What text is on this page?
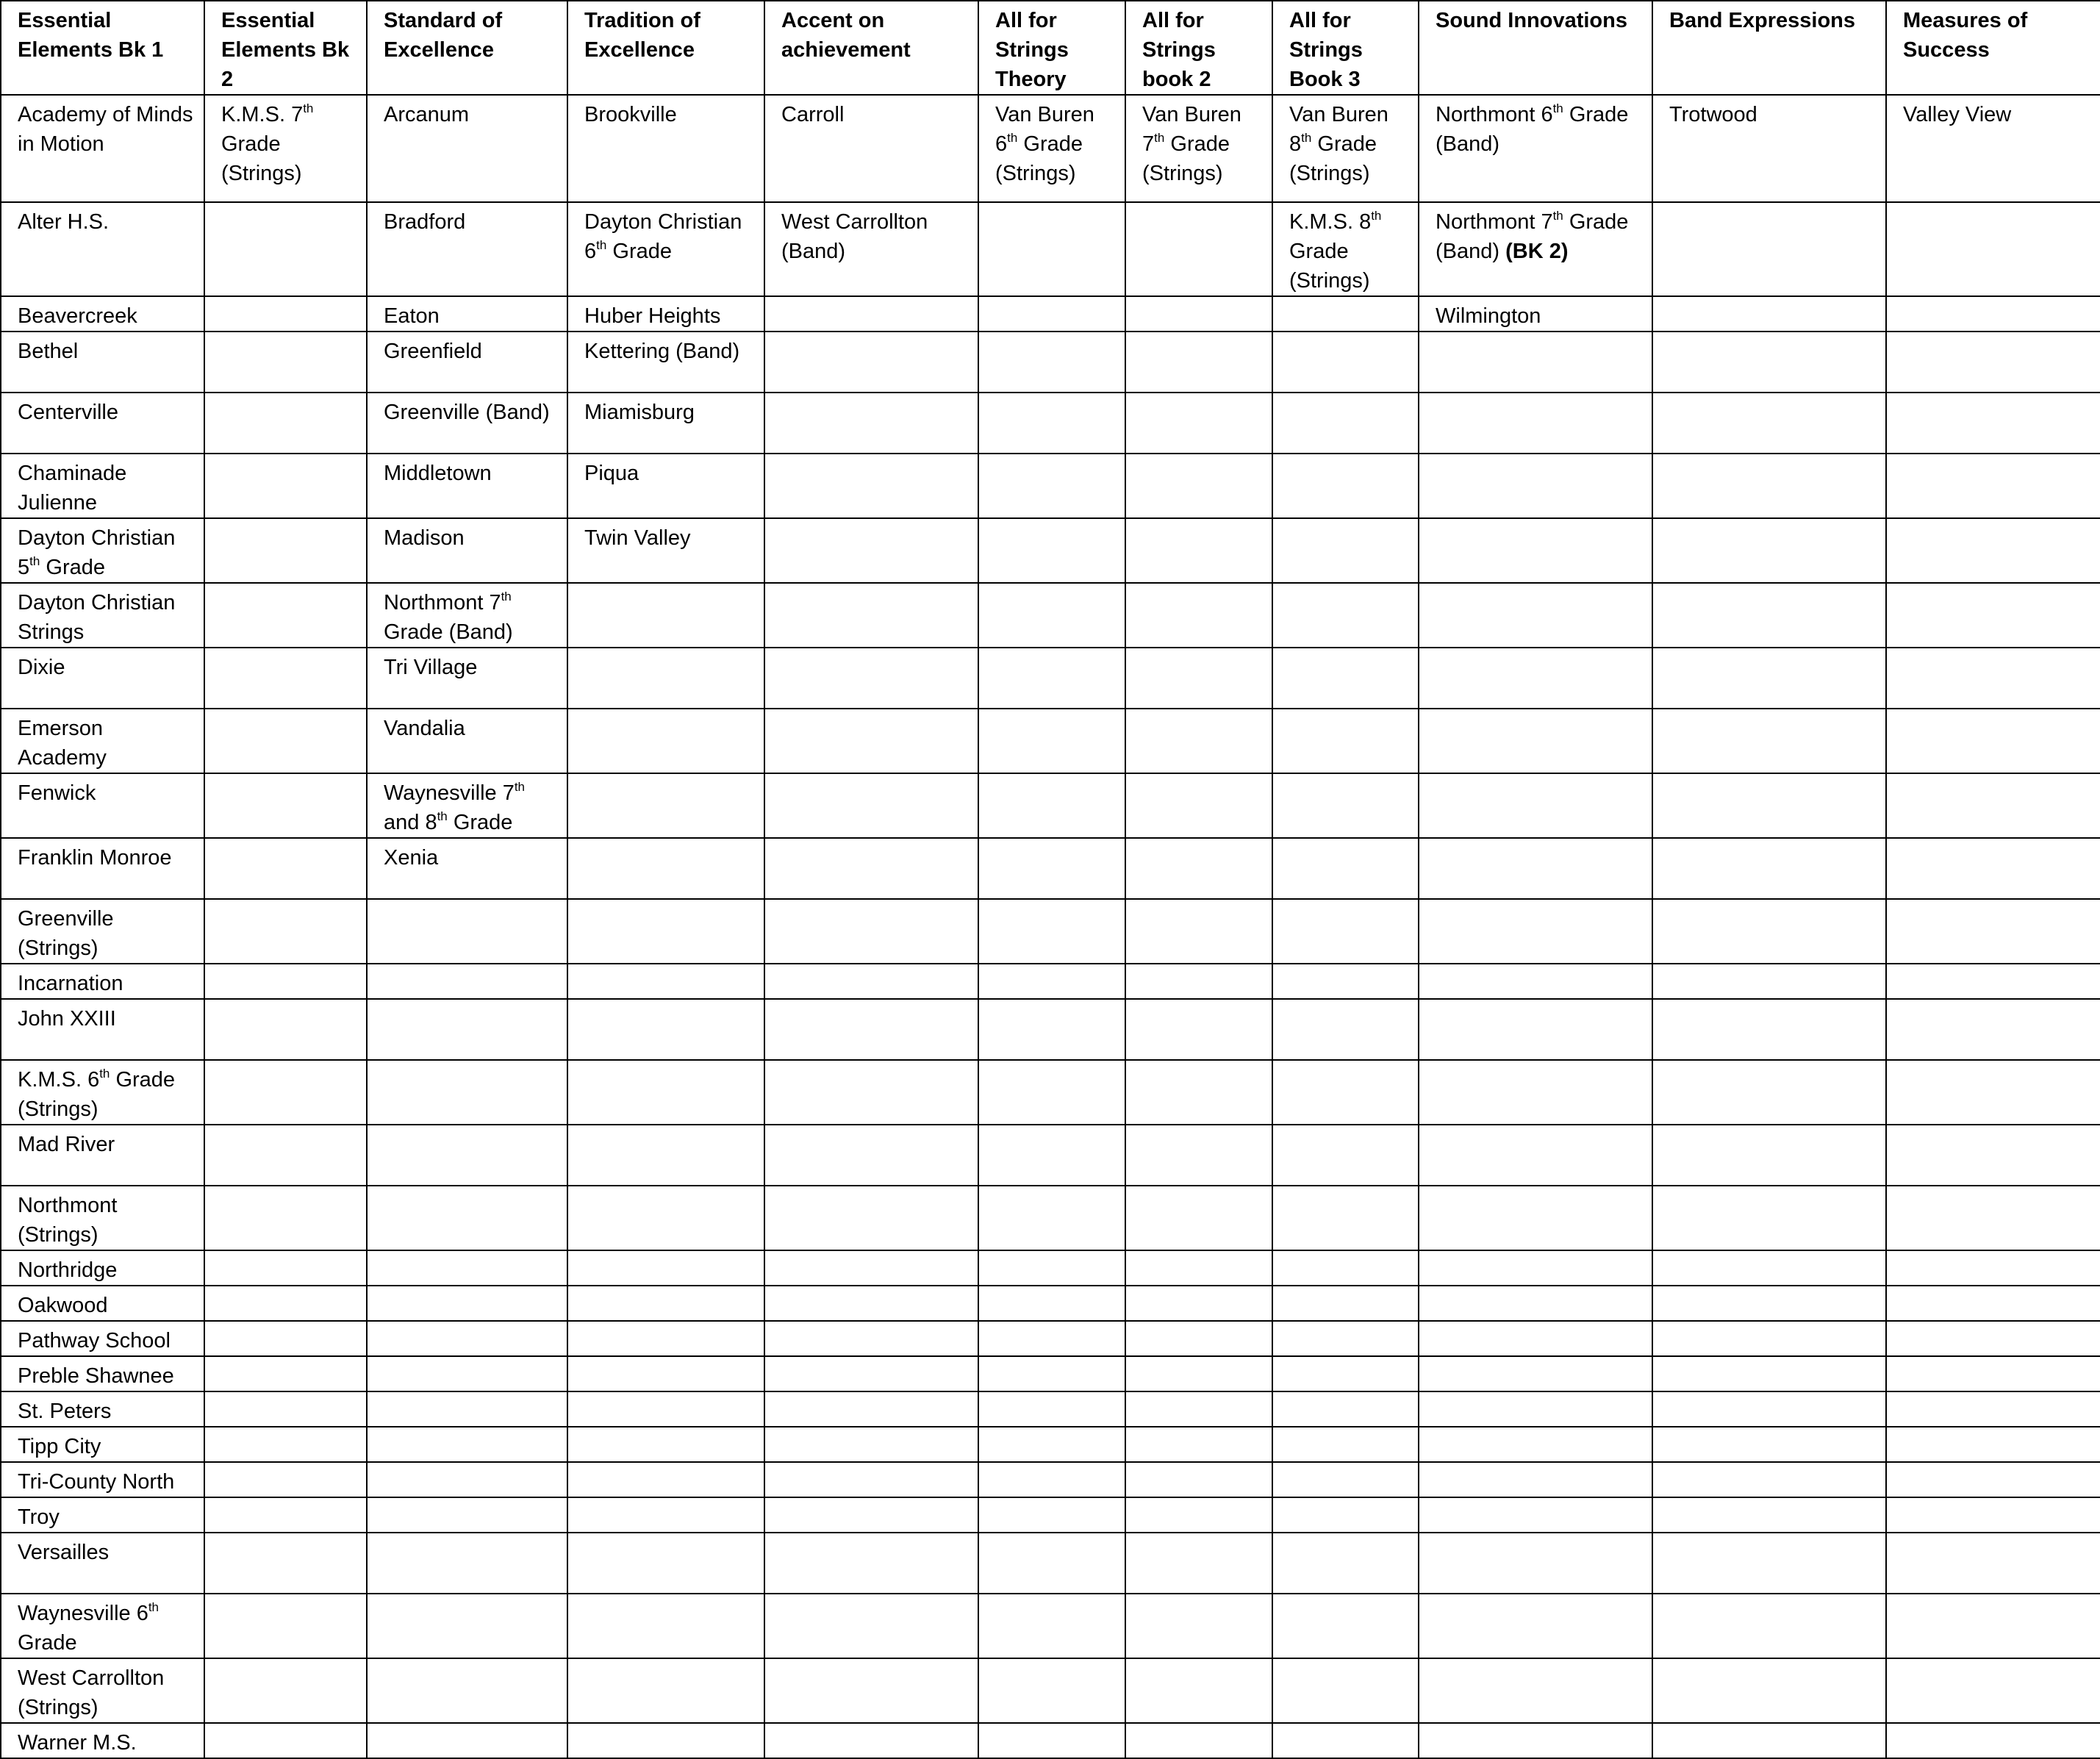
Essential Elements Bk 1	Essential Elements Bk 2	Standard of Excellence	Tradition of Excellence	Accent on achievement	All for Strings Theory	All for Strings book 2	All for Strings Book 3	Sound Innovations	Band Expressions	Measures of Success
Academy of Minds in Motion	K.M.S. 7th Grade (Strings)	Arcanum	Brookville	Carroll	Van Buren 6th Grade (Strings)	Van Buren 7th Grade (Strings)	Van Buren 8th Grade (Strings)	Northmont 6th Grade (Band)	Trotwood	Valley View
Alter H.S.		Bradford	Dayton Christian 6th Grade	West Carrollton (Band)			K.M.S. 8th Grade (Strings)	Northmont 7th Grade (Band) (BK 2)		
Beavercreek		Eaton	Huber Heights					Wilmington		
Bethel		Greenfield	Kettering (Band)							
Centerville		Greenville (Band)	Miamisburg							
Chaminade Julienne		Middletown	Piqua							
Dayton Christian 5th Grade		Madison	Twin Valley							
Dayton Christian Strings		Northmont 7th Grade (Band)								
Dixie		Tri Village								
Emerson Academy		Vandalia								
Fenwick		Waynesville 7th and 8th Grade								
Franklin Monroe		Xenia								
Greenville (Strings)										
Incarnation										
John XXIII										
K.M.S. 6th Grade (Strings)										
Mad River										
Northmont (Strings)										
Northridge										
Oakwood										
Pathway School										
Preble Shawnee										
St. Peters										
Tipp City										
Tri-County North										
Troy										
Versailles										
Waynesville 6th Grade										
West Carrollton (Strings)										
Warner M.S.										
